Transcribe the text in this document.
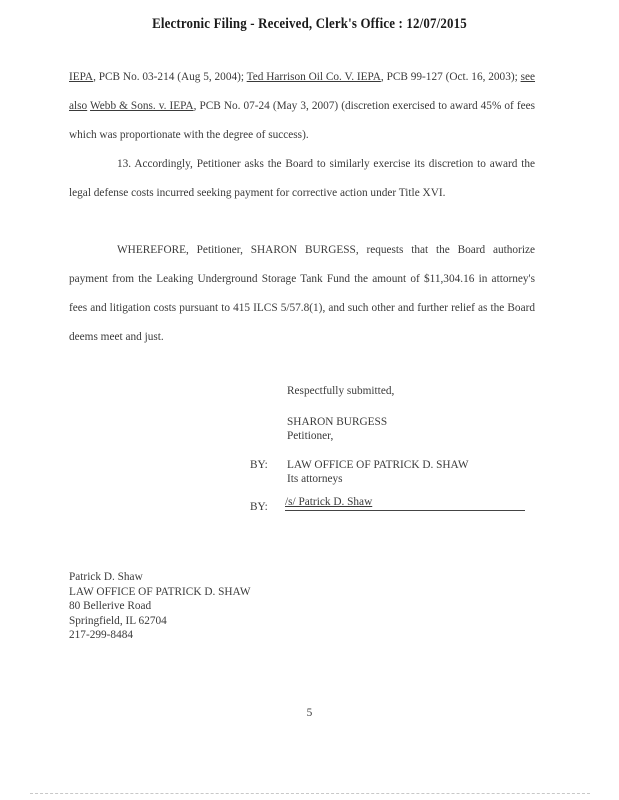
Electronic Filing - Received, Clerk's Office : 12/07/2015
IEPA, PCB No. 03-214 (Aug 5, 2004); Ted Harrison Oil Co. V. IEPA, PCB 99-127 (Oct. 16, 2003); see also Webb & Sons. v. IEPA, PCB No. 07-24 (May 3, 2007) (discretion exercised to award 45% of fees which was proportionate with the degree of success).
13. Accordingly, Petitioner asks the Board to similarly exercise its discretion to award the legal defense costs incurred seeking payment for corrective action under Title XVI.
WHEREFORE, Petitioner, SHARON BURGESS, requests that the Board authorize payment from the Leaking Underground Storage Tank Fund the amount of $11,304.16 in attorney's fees and litigation costs pursuant to 415 ILCS 5/57.8(1), and such other and further relief as the Board deems meet and just.
Respectfully submitted,
SHARON BURGESS
Petitioner,
BY: LAW OFFICE OF PATRICK D. SHAW
Its attorneys
BY: /s/ Patrick D. Shaw
Patrick D. Shaw
LAW OFFICE OF PATRICK D. SHAW
80 Bellerive Road
Springfield, IL 62704
217-299-8484
5
